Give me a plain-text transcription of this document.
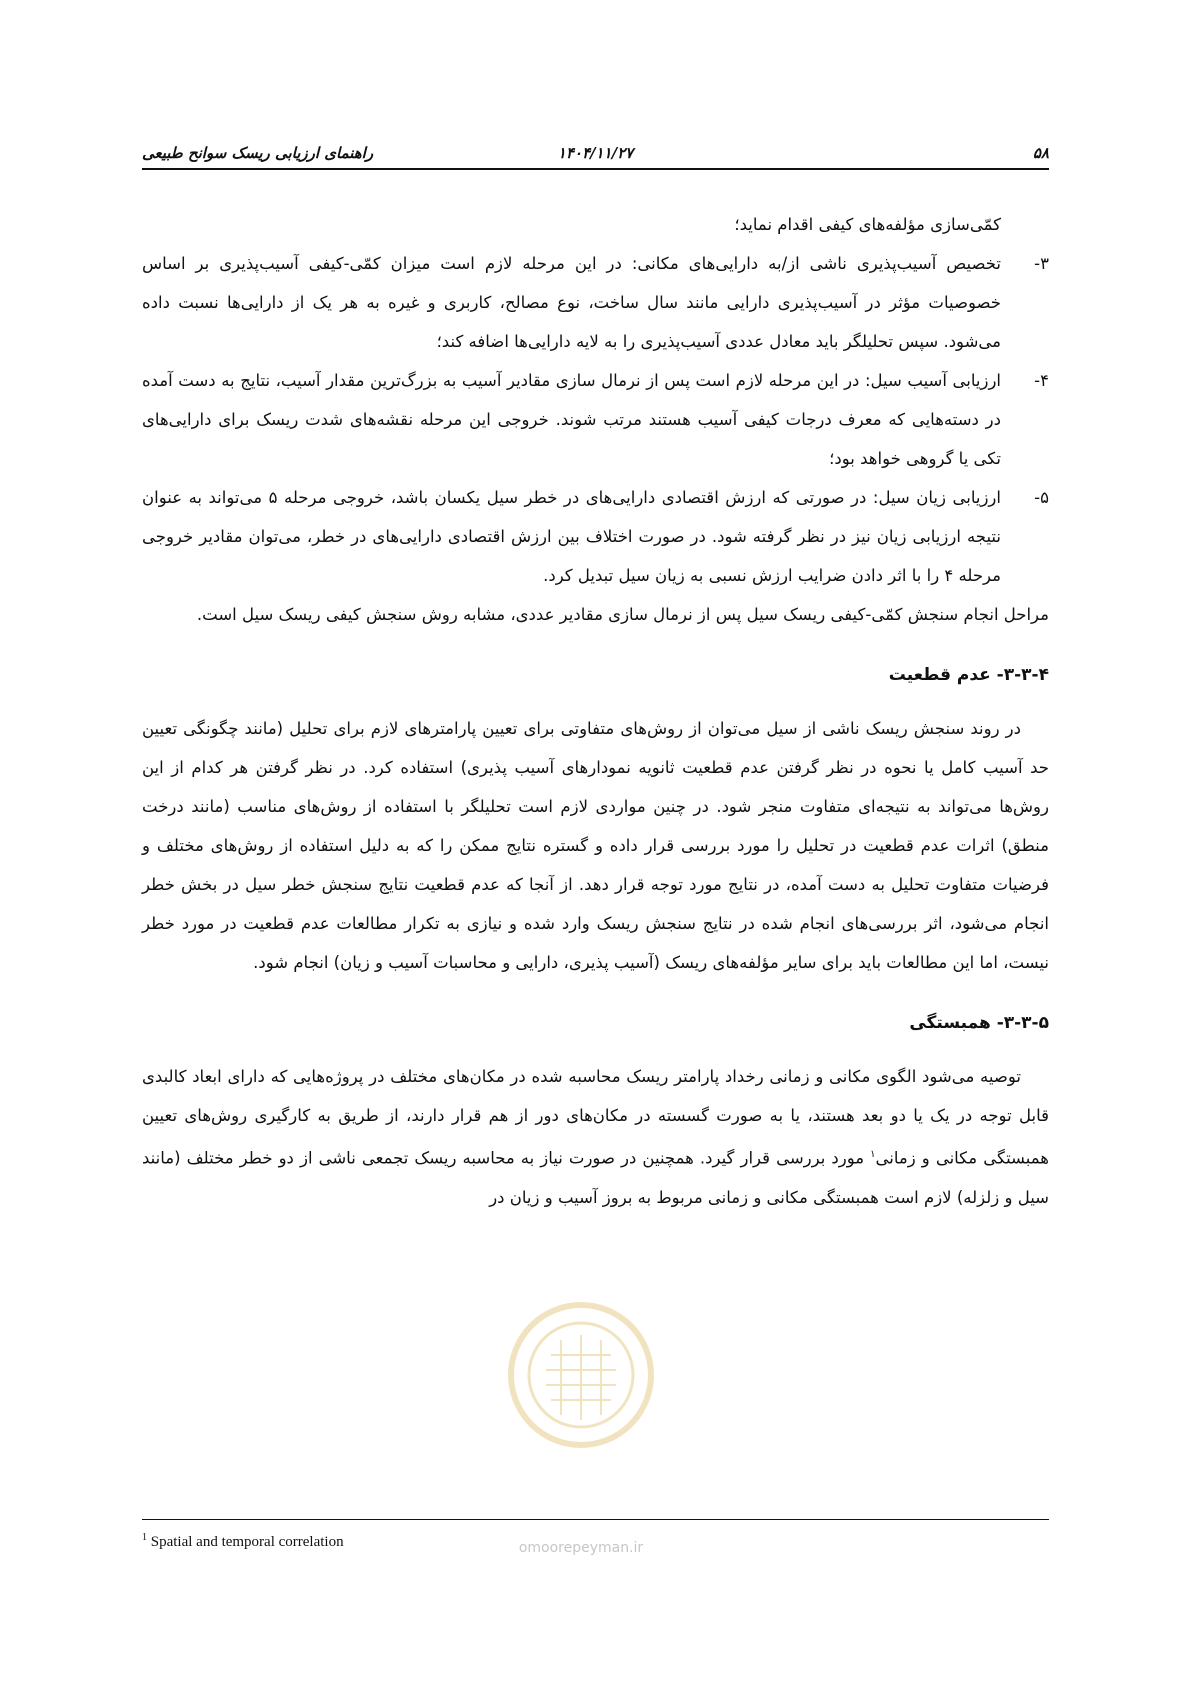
۵۸
۱۴۰۴/۱۱/۲۷
راهنمای ارزیابی ریسک سوانح طبیعی

کمّی‌سازی مؤلفه‌های کیفی اقدام نماید؛

۳-تخصیص آسیب‌پذیری ناشی از/به دارایی‌های مکانی: در این مرحله لازم است میزان کمّی-کیفی آسیب‌پذیری بر اساس خصوصیات مؤثر در آسیب‌پذیری دارایی مانند سال ساخت، نوع مصالح، کاربری و غیره به هر یک از دارایی‌ها نسبت داده می‌شود. سپس تحلیلگر باید معادل عددی آسیب‌پذیری را به لایه دارایی‌ها اضافه کند؛

۴-ارزیابی آسیب سیل: در این مرحله لازم است پس از نرمال سازی مقادیر آسیب به بزرگ‌ترین مقدار آسیب، نتایج به دست آمده در دسته‌هایی که معرف درجات کیفی آسیب هستند مرتب شوند. خروجی این مرحله نقشه‌های شدت ریسک برای دارایی‌های تکی یا گروهی خواهد بود؛

۵-ارزیابی زیان سیل: در صورتی که ارزش اقتصادی دارایی‌های در خطر سیل یکسان باشد، خروجی مرحله ۵ می‌تواند به عنوان نتیجه ارزیابی زیان نیز در نظر گرفته شود. در صورت اختلاف بین ارزش اقتصادی دارایی‌های در خطر، می‌توان مقادیر خروجی مرحله ۴ را با اثر دادن ضرایب ارزش نسبی به زیان سیل تبدیل کرد.

مراحل انجام سنجش کمّی-کیفی ریسک سیل پس از نرمال سازی مقادیر عددی، مشابه روش سنجش کیفی ریسک سیل است.

۳-۳-۴- عدم قطعیت

در روند سنجش ریسک ناشی از سیل می‌توان از روش‌های متفاوتی برای تعیین پارامترهای لازم برای تحلیل (مانند چگونگی تعیین حد آسیب کامل یا نحوه در نظر گرفتن عدم قطعیت ثانویه نمودارهای آسیب پذیری) استفاده کرد. در نظر گرفتن هر کدام از این روش‌ها می‌تواند به نتیجه‌ای متفاوت منجر شود. در چنین مواردی لازم است تحلیلگر با استفاده از روش‌های مناسب (مانند درخت منطق) اثرات عدم قطعیت در تحلیل را مورد بررسی قرار داده و گستره نتایج ممکن را که به دلیل استفاده از روش‌های مختلف و فرضیات متفاوت تحلیل به دست آمده، در نتایج مورد توجه قرار دهد. از آنجا که عدم قطعیت نتایج سنجش خطر سیل در بخش خطر انجام می‌شود، اثر بررسی‌های انجام شده در نتایج سنجش ریسک وارد شده و نیازی به تکرار مطالعات عدم قطعیت در مورد خطر نیست، اما این مطالعات باید برای سایر مؤلفه‌های ریسک (آسیب پذیری، دارایی و محاسبات آسیب و زیان) انجام شود.

۳-۳-۵- همبستگی

توصیه می‌شود الگوی مکانی و زمانی رخداد پارامتر ریسک محاسبه شده در مکان‌های مختلف در پروژه‌هایی که دارای ابعاد کالبدی قابل توجه در یک یا دو بعد هستند، یا به صورت گسسته در مکان‌های دور از هم قرار دارند، از طریق به کارگیری روش‌های تعیین همبستگی مکانی و زمانی$^۱$ مورد بررسی قرار گیرد. همچنین در صورت نیاز به محاسبه ریسک تجمعی ناشی از دو خطر مختلف (مانند سیل و زلزله) لازم است همبستگی مکانی و زمانی مربوط به بروز آسیب و زیان در

omoorepeyman.ir
$^1$ Spatial and temporal correlation
